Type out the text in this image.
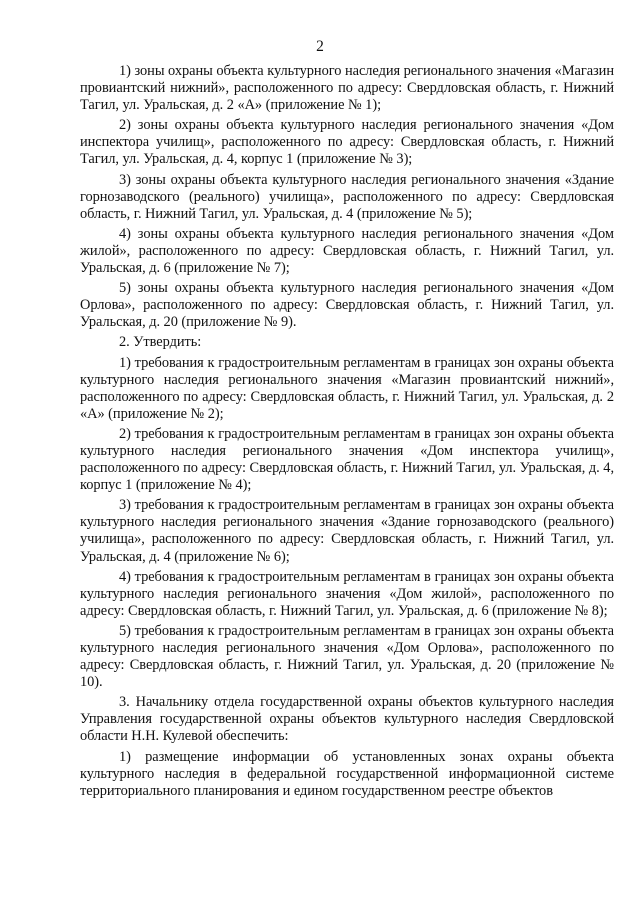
2

1) зоны охраны объекта культурного наследия регионального значения «Магазин провиантский нижний», расположенного по адресу: Свердловская область, г. Нижний Тагил, ул. Уральская, д. 2 «А» (приложение № 1);

2) зоны охраны объекта культурного наследия регионального значения «Дом инспектора училищ», расположенного по адресу: Свердловская область, г. Нижний Тагил, ул. Уральская, д. 4, корпус 1 (приложение № 3);

3) зоны охраны объекта культурного наследия регионального значения «Здание горнозаводского (реального) училища», расположенного по адресу: Свердловская область, г. Нижний Тагил, ул. Уральская, д. 4 (приложение № 5);

4) зоны охраны объекта культурного наследия регионального значения «Дом жилой», расположенного по адресу: Свердловская область, г. Нижний Тагил, ул. Уральская, д. 6 (приложение № 7);

5) зоны охраны объекта культурного наследия регионального значения «Дом Орлова», расположенного по адресу: Свердловская область, г. Нижний Тагил, ул. Уральская, д. 20 (приложение № 9).

2. Утвердить:

1) требования к градостроительным регламентам в границах зон охраны объекта культурного наследия регионального значения «Магазин провиантский нижний», расположенного по адресу: Свердловская область, г. Нижний Тагил, ул. Уральская, д. 2 «А» (приложение № 2);

2) требования к градостроительным регламентам в границах зон охраны объекта культурного наследия регионального значения «Дом инспектора училищ», расположенного по адресу: Свердловская область, г. Нижний Тагил, ул. Уральская, д. 4, корпус 1 (приложение № 4);

3) требования к градостроительным регламентам в границах зон охраны объекта культурного наследия регионального значения «Здание горнозаводского (реального) училища», расположенного по адресу: Свердловская область, г. Нижний Тагил, ул. Уральская, д. 4 (приложение № 6);

4) требования к градостроительным регламентам в границах зон охраны объекта культурного наследия регионального значения «Дом жилой», расположенного по адресу: Свердловская область, г. Нижний Тагил, ул. Уральская, д. 6 (приложение № 8);

5) требования к градостроительным регламентам в границах зон охраны объекта культурного наследия регионального значения «Дом Орлова», расположенного по адресу: Свердловская область, г. Нижний Тагил, ул. Уральская, д. 20 (приложение № 10).

3. Начальнику отдела государственной охраны объектов культурного наследия Управления государственной охраны объектов культурного наследия Свердловской области Н.Н. Кулевой обеспечить:

1) размещение информации об установленных зонах охраны объекта культурного наследия в федеральной государственной информационной системе территориального планирования и едином государственном реестре объектов
